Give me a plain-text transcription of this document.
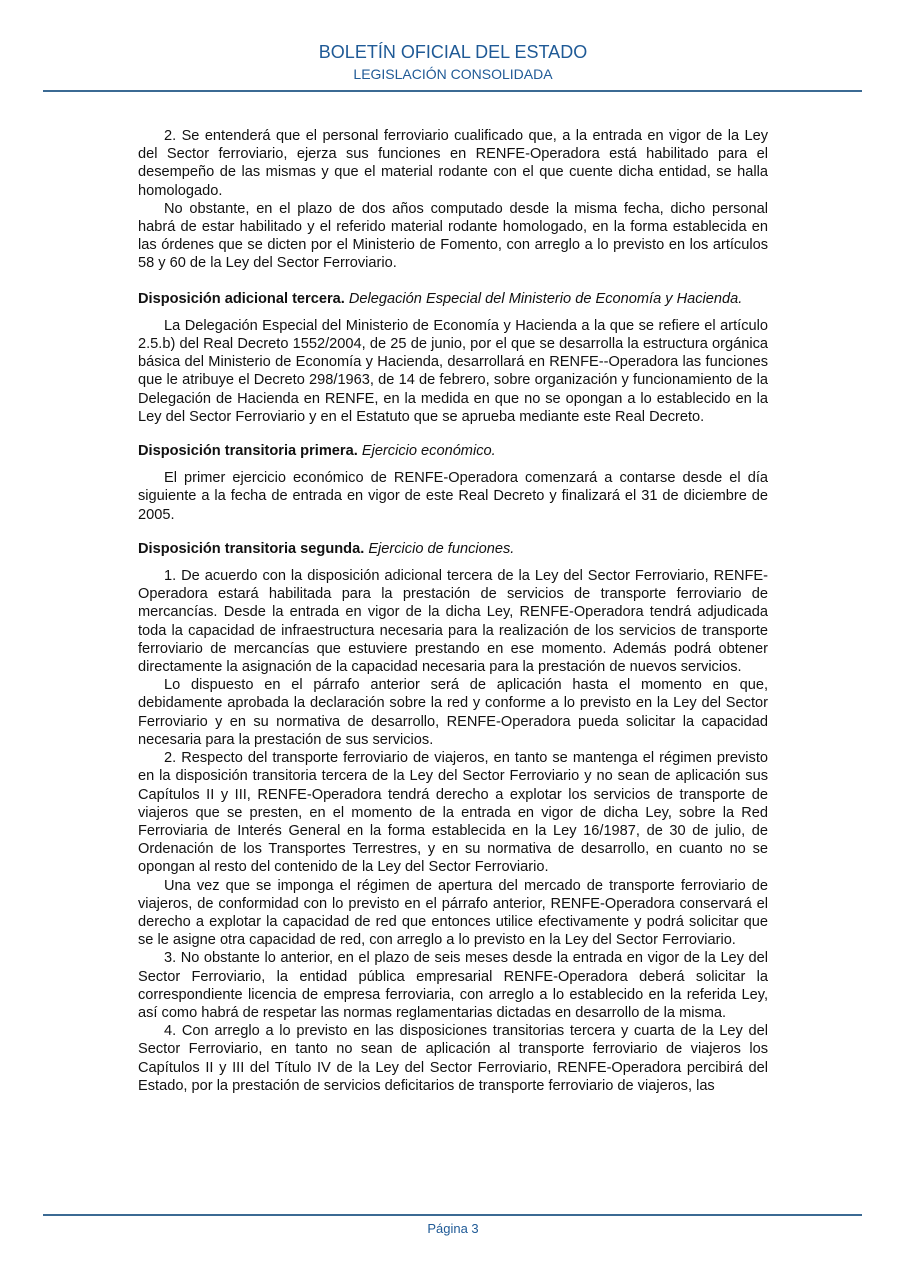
BOLETÍN OFICIAL DEL ESTADO
LEGISLACIÓN CONSOLIDADA

2. Se entenderá que el personal ferroviario cualificado que, a la entrada en vigor de la Ley del Sector ferroviario, ejerza sus funciones en RENFE-Operadora está habilitado para el desempeño de las mismas y que el material rodante con el que cuente dicha entidad, se halla homologado.

No obstante, en el plazo de dos años computado desde la misma fecha, dicho personal habrá de estar habilitado y el referido material rodante homologado, en la forma establecida en las órdenes que se dicten por el Ministerio de Fomento, con arreglo a lo previsto en los artículos 58 y 60 de la Ley del Sector Ferroviario.

Disposición adicional tercera. Delegación Especial del Ministerio de Economía y Hacienda.

La Delegación Especial del Ministerio de Economía y Hacienda a la que se refiere el artículo 2.5.b) del Real Decreto 1552/2004, de 25 de junio, por el que se desarrolla la estructura orgánica básica del Ministerio de Economía y Hacienda, desarrollará en RENFE--Operadora las funciones que le atribuye el Decreto 298/1963, de 14 de febrero, sobre organización y funcionamiento de la Delegación de Hacienda en RENFE, en la medida en que no se opongan a lo establecido en la Ley del Sector Ferroviario y en el Estatuto que se aprueba mediante este Real Decreto.

Disposición transitoria primera. Ejercicio económico.

El primer ejercicio económico de RENFE-Operadora comenzará a contarse desde el día siguiente a la fecha de entrada en vigor de este Real Decreto y finalizará el 31 de diciembre de 2005.

Disposición transitoria segunda. Ejercicio de funciones.

1. De acuerdo con la disposición adicional tercera de la Ley del Sector Ferroviario, RENFE-Operadora estará habilitada para la prestación de servicios de transporte ferroviario de mercancías. Desde la entrada en vigor de la dicha Ley, RENFE-Operadora tendrá adjudicada toda la capacidad de infraestructura necesaria para la realización de los servicios de transporte ferroviario de mercancías que estuviere prestando en ese momento. Además podrá obtener directamente la asignación de la capacidad necesaria para la prestación de nuevos servicios.

Lo dispuesto en el párrafo anterior será de aplicación hasta el momento en que, debidamente aprobada la declaración sobre la red y conforme a lo previsto en la Ley del Sector Ferroviario y en su normativa de desarrollo, RENFE-Operadora pueda solicitar la capacidad necesaria para la prestación de sus servicios.

2. Respecto del transporte ferroviario de viajeros, en tanto se mantenga el régimen previsto en la disposición transitoria tercera de la Ley del Sector Ferroviario y no sean de aplicación sus Capítulos II y III, RENFE-Operadora tendrá derecho a explotar los servicios de transporte de viajeros que se presten, en el momento de la entrada en vigor de dicha Ley, sobre la Red Ferroviaria de Interés General en la forma establecida en la Ley 16/1987, de 30 de julio, de Ordenación de los Transportes Terrestres, y en su normativa de desarrollo, en cuanto no se opongan al resto del contenido de la Ley del Sector Ferroviario.

Una vez que se imponga el régimen de apertura del mercado de transporte ferroviario de viajeros, de conformidad con lo previsto en el párrafo anterior, RENFE-Operadora conservará el derecho a explotar la capacidad de red que entonces utilice efectivamente y podrá solicitar que se le asigne otra capacidad de red, con arreglo a lo previsto en la Ley del Sector Ferroviario.

3. No obstante lo anterior, en el plazo de seis meses desde la entrada en vigor de la Ley del Sector Ferroviario, la entidad pública empresarial RENFE-Operadora deberá solicitar la correspondiente licencia de empresa ferroviaria, con arreglo a lo establecido en la referida Ley, así como habrá de respetar las normas reglamentarias dictadas en desarrollo de la misma.

4. Con arreglo a lo previsto en las disposiciones transitorias tercera y cuarta de la Ley del Sector Ferroviario, en tanto no sean de aplicación al transporte ferroviario de viajeros los Capítulos II y III del Título IV de la Ley del Sector Ferroviario, RENFE-Operadora percibirá del Estado, por la prestación de servicios deficitarios de transporte ferroviario de viajeros, las

Página 3
